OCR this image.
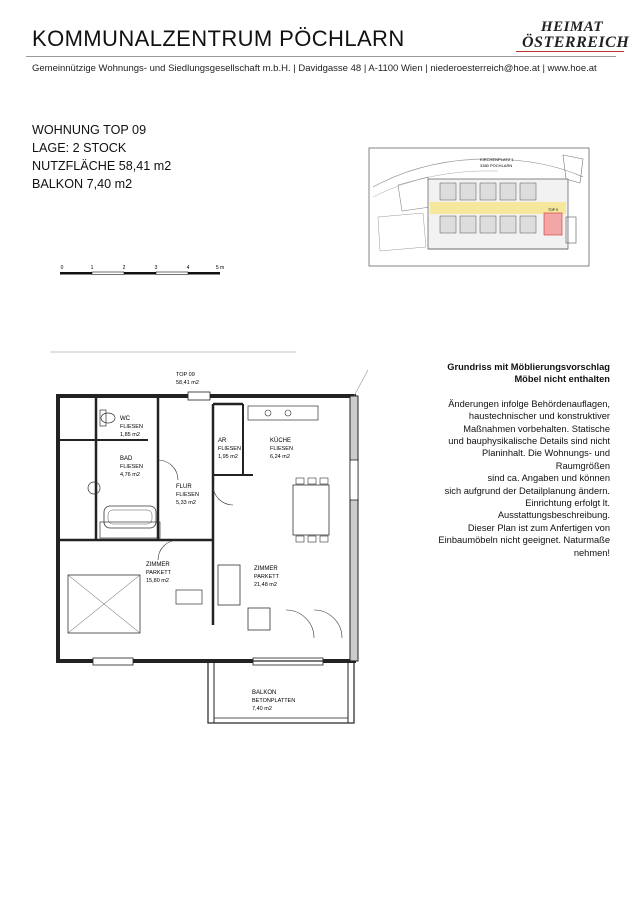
KOMMUNALZENTRUM PÖCHLARN	HEIMAT
ÖSTERREICH
Gemeinnützige Wohnungs- und Siedlungsgesellschaft m.b.H. | Davidgasse 48 | A-1100 Wien | niederoesterreich@hoe.at | www.hoe.at
WOHNUNG TOP 09
LAGE: 2 STOCK
NUTZFLÄCHE 58,41 m2
BALKON 7,40 m2
0	1	2	3	4	5 m
KIRCHENPLATZ 1
3380 PÖCHLARN
TOP 9
TOP 09
58,41 m2
WC
FLIESEN
1,85 m2
BAD
FLIESEN
4,76 m2
AR
FLIESEN
1,95 m2
KÜCHE
FLIESEN
6,24 m2
FLUR
FLIESEN
5,33 m2
ZIMMER
PARKETT
15,80 m2
ZIMMER
PARKETT
21,48 m2
BALKON
BETONPLATTEN
7,40 m2

Grundriss mit Möblierungsvorschlag

Möbel nicht enthalten

Änderungen infolge Behördenauflagen,
haustechnischer und konstruktiver
Maßnahmen vorbehalten. Statische
und bauphysikalische Details sind nicht
Planinhalt. Die Wohnungs- und
Raumgrößen
sind ca. Angaben und können
sich aufgrund der Detailplanung ändern.
Einrichtung erfolgt lt.
Ausstattungsbeschreibung.
Dieser Plan ist zum Anfertigen von
Einbaumöbeln nicht geeignet. Naturmaße
nehmen!
